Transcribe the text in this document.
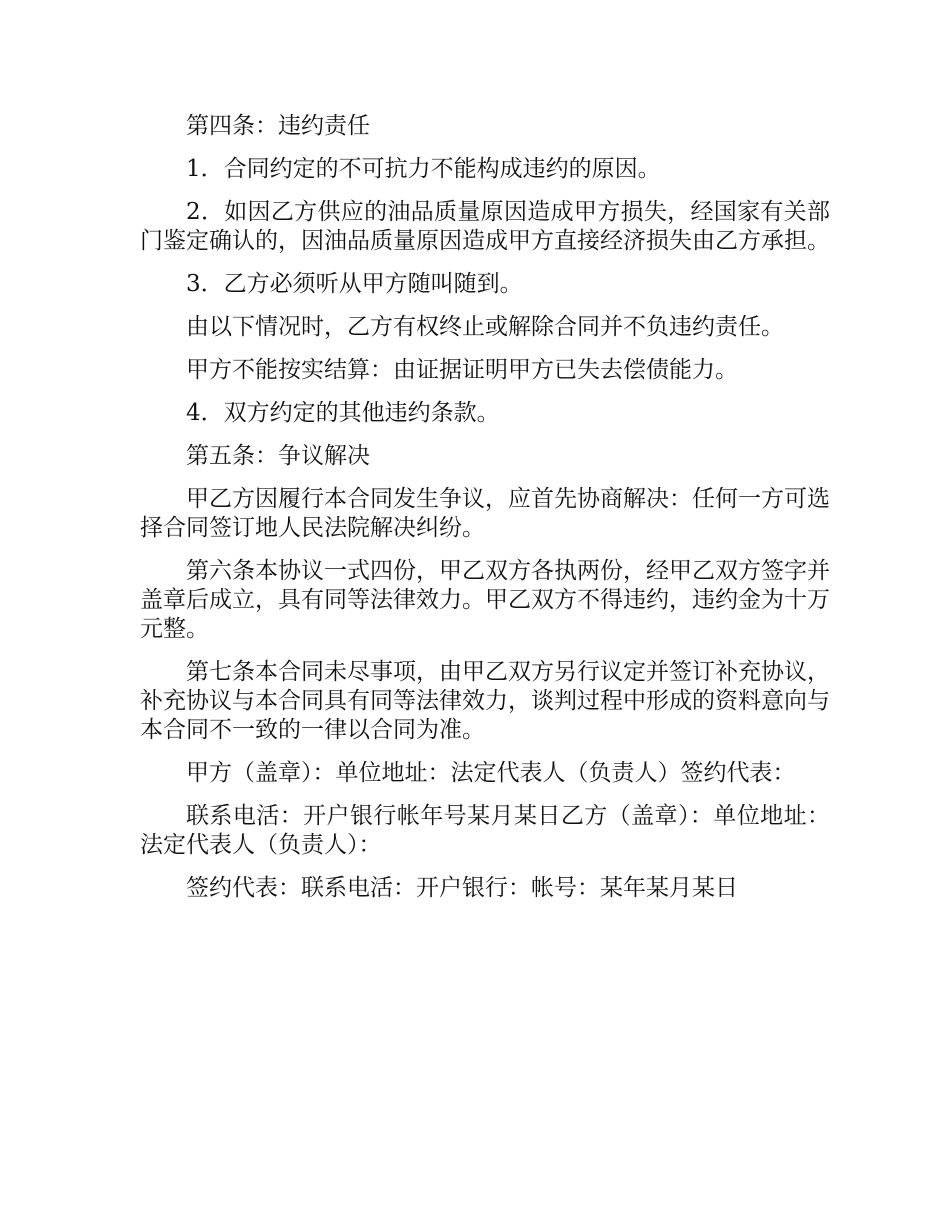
第四条：违约责任

1．合同约定的不可抗力不能构成违约的原因。

2．如因乙方供应的油品质量原因造成甲方损失，经国家有关部门鉴定确认的，因油品质量原因造成甲方直接经济损失由乙方承担。

3．乙方必须听从甲方随叫随到。

由以下情况时，乙方有权终止或解除合同并不负违约责任。

甲方不能按实结算：由证据证明甲方已失去偿债能力。

4．双方约定的其他违约条款。

第五条：争议解决

甲乙方因履行本合同发生争议，应首先协商解决：任何一方可选择合同签订地人民法院解决纠纷。

第六条本协议一式四份，甲乙双方各执两份，经甲乙双方签字并盖章后成立，具有同等法律效力。甲乙双方不得违约，违约金为十万元整。

第七条本合同未尽事项，由甲乙双方另行议定并签订补充协议，补充协议与本合同具有同等法律效力，谈判过程中形成的资料意向与本合同不一致的一律以合同为准。

甲方（盖章）：单位地址：法定代表人（负责人）签约代表：

联系电活：开户银行帐年号某月某日乙方（盖章）：单位地址：法定代表人（负责人）：

签约代表：联系电活：开户银行：帐号：某年某月某日
